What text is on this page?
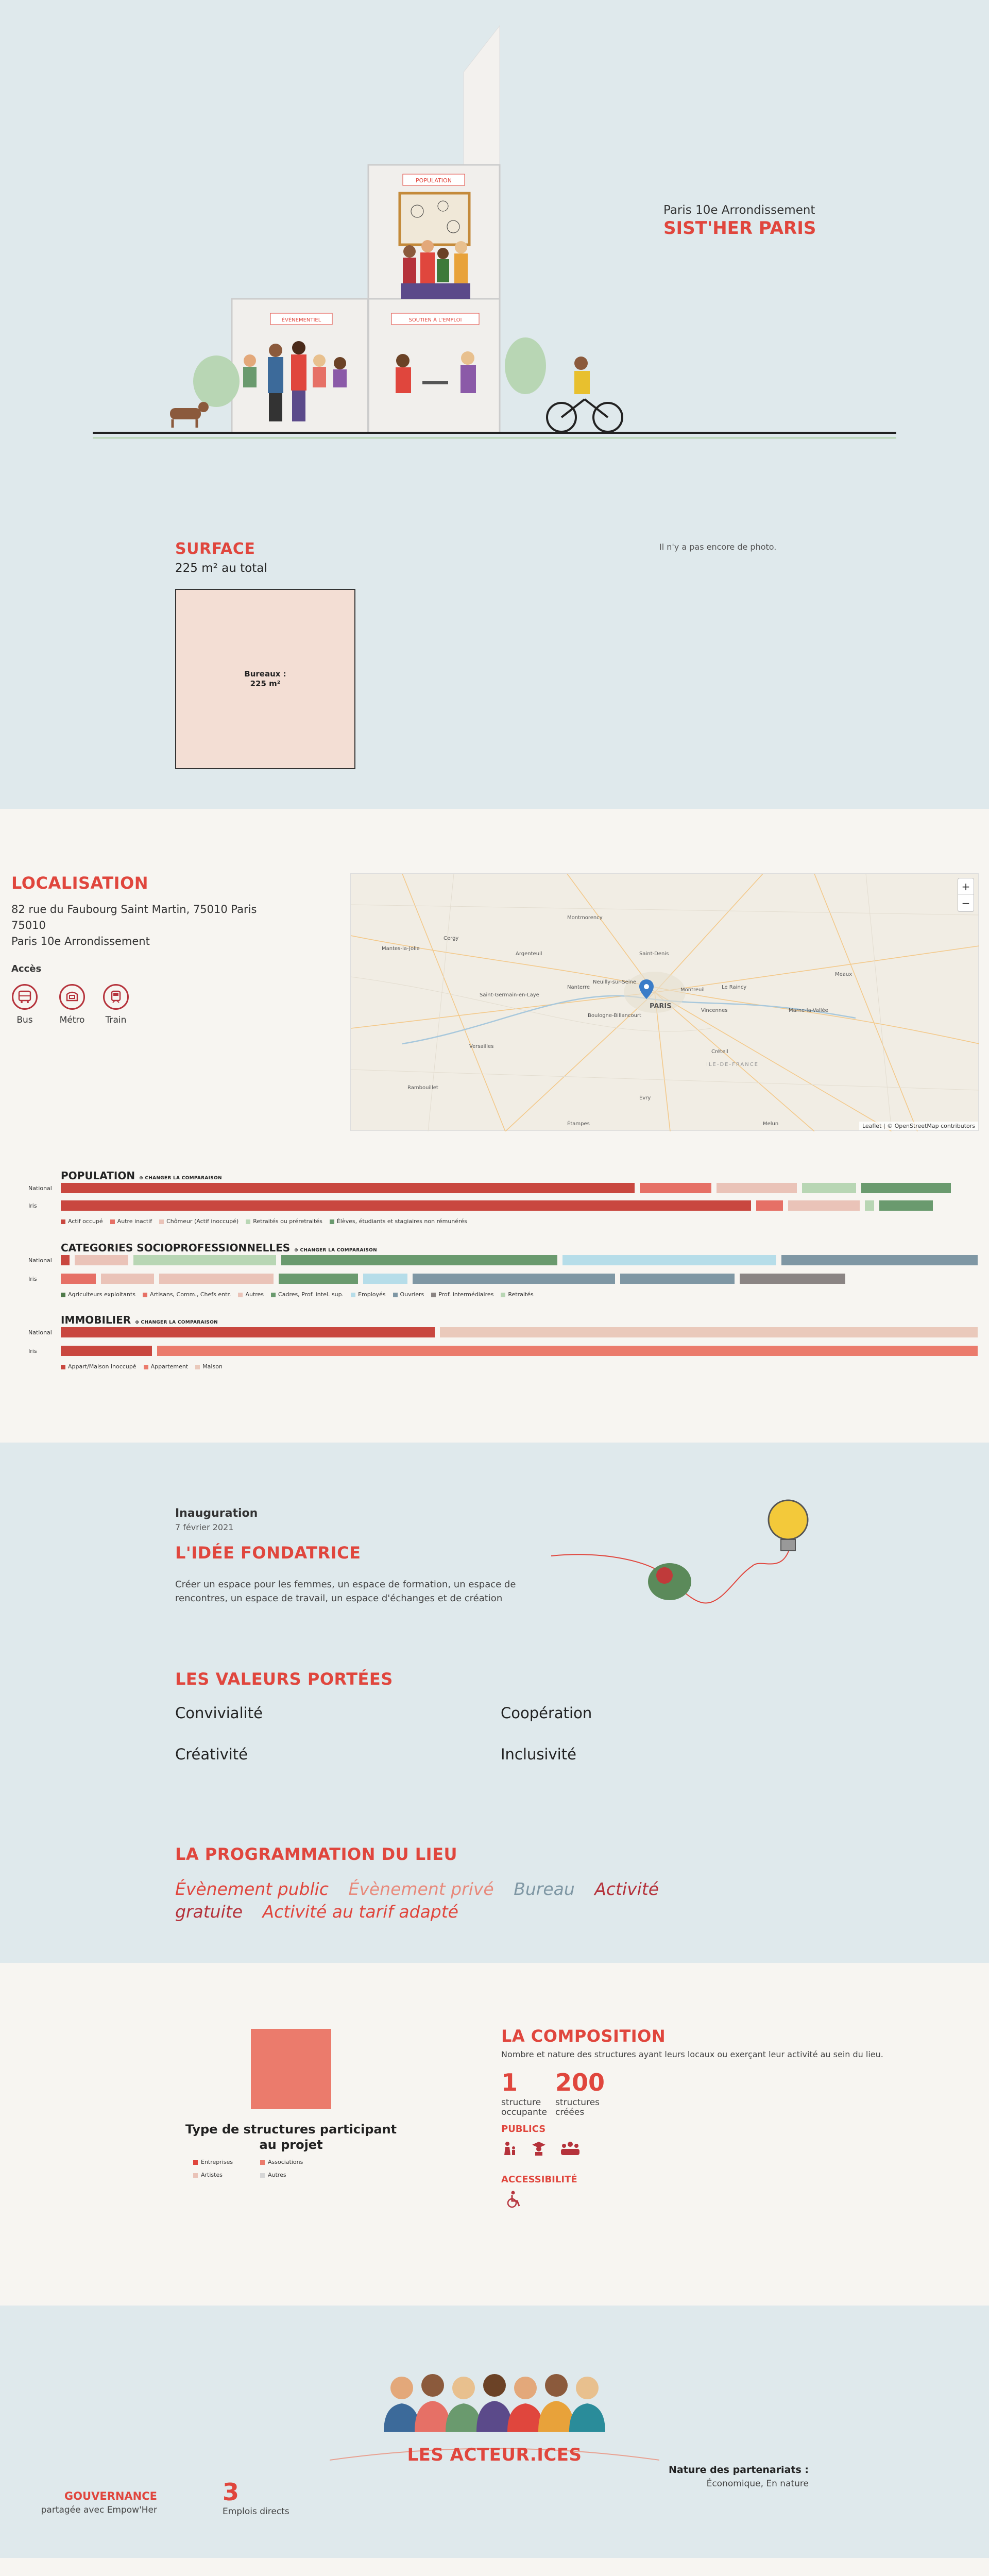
POPULATION
ÉVÉNEMENTIEL	SOUTIEN À L'EMPLOI
Paris 10e Arrondissement
SIST'HER PARIS
SURFACE
225 m² au total
Bureaux :
225 m²
Il n'y a pas encore de photo.
LOCALISATION
82 rue du Faubourg Saint Martin, 75010 Paris
75010
Paris 10e Arrondissement
Accès
Bus	Métro	Train
Cergy
Argenteuil
Montmorency
Saint-Denis
Saint-Germain-en-Laye
Nanterre
Neuilly-sur-Seine
Le Raincy
Montreuil
PARIS
Boulogne-Billancourt
Vincennes
Versailles
Créteil
ILE-DE-FRANCE
Rambouillet
Évry
Meaux
Marne-la-Vallée
Mantes-la-Jolie
Melun
Étampes
+
−
Leaflet | © OpenStreetMap contributors
POPULATION ⊕ CHANGER LA COMPARAISON
National
Iris
Actif occupé	Autre inactif	Chômeur (Actif inoccupé)	Retraités ou préretraités	Élèves, étudiants et stagiaires non rémunérés
CATEGORIES SOCIOPROFESSIONNELLES ⊕ CHANGER LA COMPARAISON
National
Iris
Agriculteurs exploitants	Artisans, Comm., Chefs entr.	Autres	Cadres, Prof. intel. sup.	Employés	Ouvriers	Prof. intermédiaires	Retraités
IMMOBILIER ⊕ CHANGER LA COMPARAISON
National
Iris
Appart/Maison inoccupé	Appartement	Maison
Inauguration
7 février 2021
L'IDÉE FONDATRICE
Créer un espace pour les femmes, un espace de formation, un espace de rencontres, un espace de travail, un espace d'échanges et de création
LES VALEURS PORTÉES
Convivialité	Coopération
Créativité	Inclusivité
LA PROGRAMMATION DU LIEU
Évènement public Évènement privé Bureau Activité gratuite Activité au tarif adapté
Type de structures participant au projet
Entreprises	Associations
Artistes	Autres
LA COMPOSITION
Nombre et nature des structures ayant leurs locaux ou exerçant leur activité au sein du lieu.
1
structure
occupante
200
structures
créées
PUBLICS
ACCESSIBILITÉ
LES ACTEUR.ICES
GOUVERNANCE
partagée avec Empow'Her
3
Emplois directs
Nature des partenariats :
Économique, En nature
